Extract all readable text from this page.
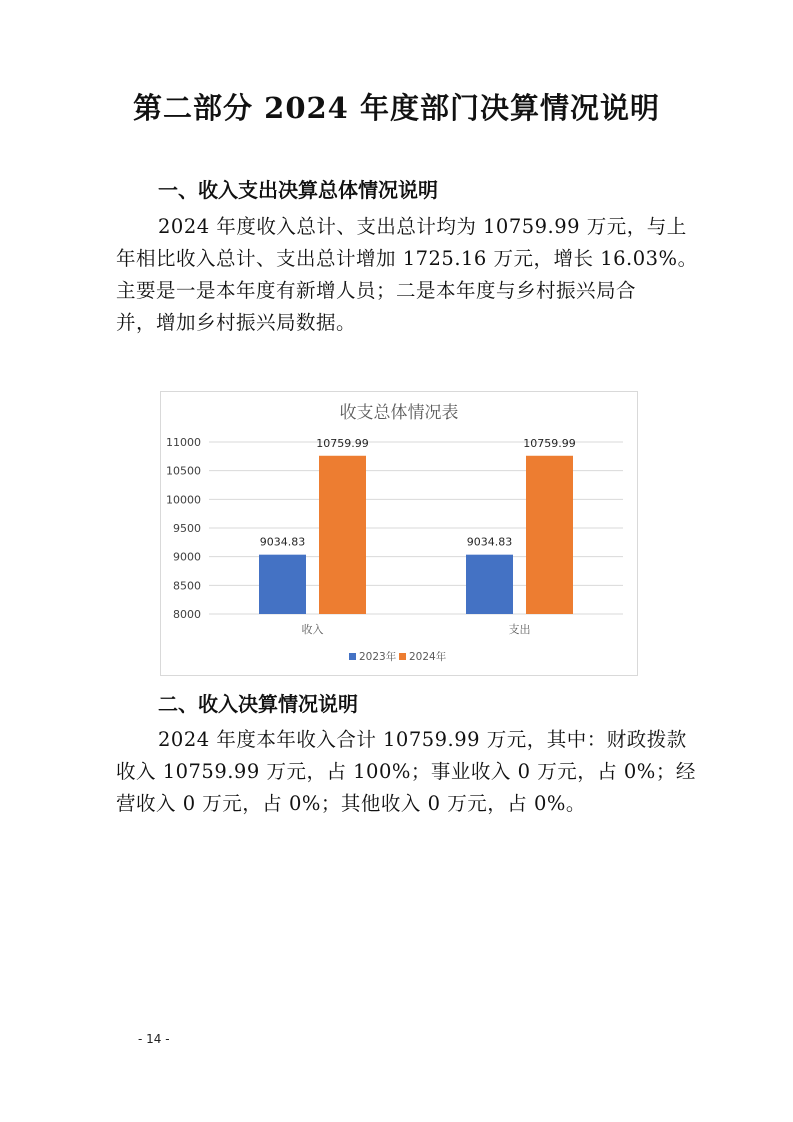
第二部分 2024 年度部门决算情况说明
一、收入支出决算总体情况说明

2024 年度收入总计、支出总计均为 10759.99 万元，与上
年相比收入总计、支出总计增加 1725.16 万元，增长 16.03%。
主要是一是本年度有新增人员；二是本年度与乡村振兴局合
并，增加乡村振兴局数据。

收支总体情况表
8000
8500
9000
9500
10000
10500
11000
9034.83
10759.99
收入
9034.83
10759.99
支出
2023年 2024年
二、收入决算情况说明

2024 年度本年收入合计 10759.99 万元，其中：财政拨款
收入 10759.99 万元，占 100%；事业收入 0 万元，占 0%；经
营收入 0 万元，占 0%；其他收入 0 万元，占 0%。

- 14 -
